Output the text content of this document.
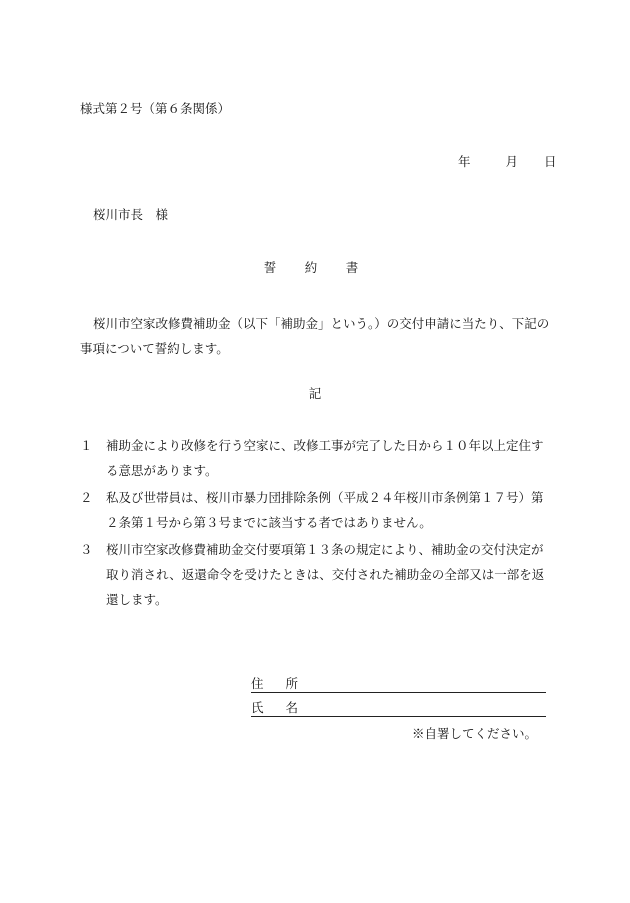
様式第２号（第６条関係）
年	月 日
桜川市長　様
誓　約　書
桜川市空家改修費補助金（以下「補助金」という。）の交付申請に当たり、下記の事項について誓約します。
記
１	補助金により改修を行う空家に、改修工事が完了した日から１０年以上定住する意思があります。
２	私及び世帯員は、桜川市暴力団排除条例（平成２４年桜川市条例第１７号）第２条第１号から第３号までに該当する者ではありません。
３	桜川市空家改修費補助金交付要項第１３条の規定により、補助金の交付決定が取り消され、返還命令を受けたときは、交付された補助金の全部又は一部を返還します。
住所
氏名
※自署してください。
